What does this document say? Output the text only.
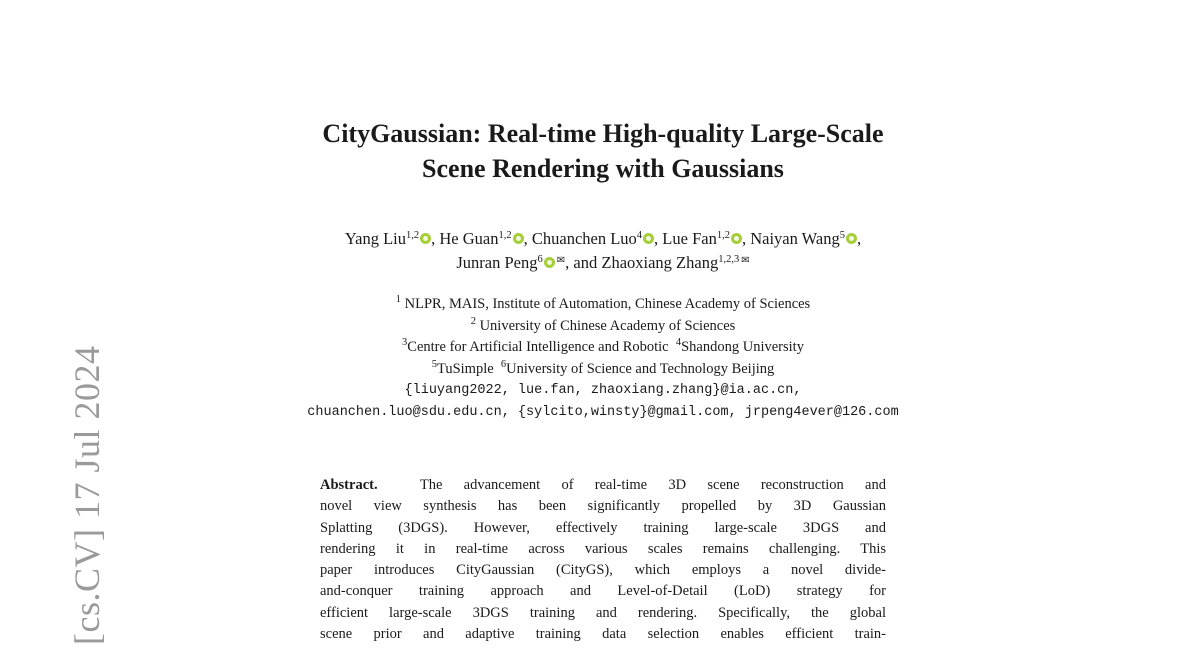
[cs.CV] 17 Jul 2024
CityGaussian: Real-time High-quality Large-Scale
Scene Rendering with Gaussians
Yang Liu$^{1,2}$ , He Guan$^{1,2}$ , Chuanchen Luo$^4$ , Lue Fan$^{1,2}$ , Naiyan Wang$^5$ ,
Junran Peng$^6$ ✉, and Zhaoxiang Zhang$^{1,2,3}$ ✉
$^1$ NLPR, MAIS, Institute of Automation, Chinese Academy of Sciences
$^2$ University of Chinese Academy of Sciences
$^3$Centre for Artificial Intelligence and Robotic $^4$Shandong University
$^5$TuSimple $^6$University of Science and Technology Beijing
{liuyang2022, lue.fan, zhaoxiang.zhang}@ia.ac.cn,
chuanchen.luo@sdu.edu.cn, {sylcito,winsty}@gmail.com, jrpeng4ever@126.com
Abstract.	The advancement of real-time 3D scene reconstruction and
novel view synthesis has been significantly propelled by 3D Gaussian
Splatting (3DGS). However, effectively training large-scale 3DGS and
rendering it in real-time across various scales remains challenging. This
paper introduces CityGaussian (CityGS), which employs a novel divide-
and-conquer training approach and Level-of-Detail (LoD) strategy for
efficient large-scale 3DGS training and rendering. Specifically, the global
scene prior and adaptive training data selection enables efficient train-
